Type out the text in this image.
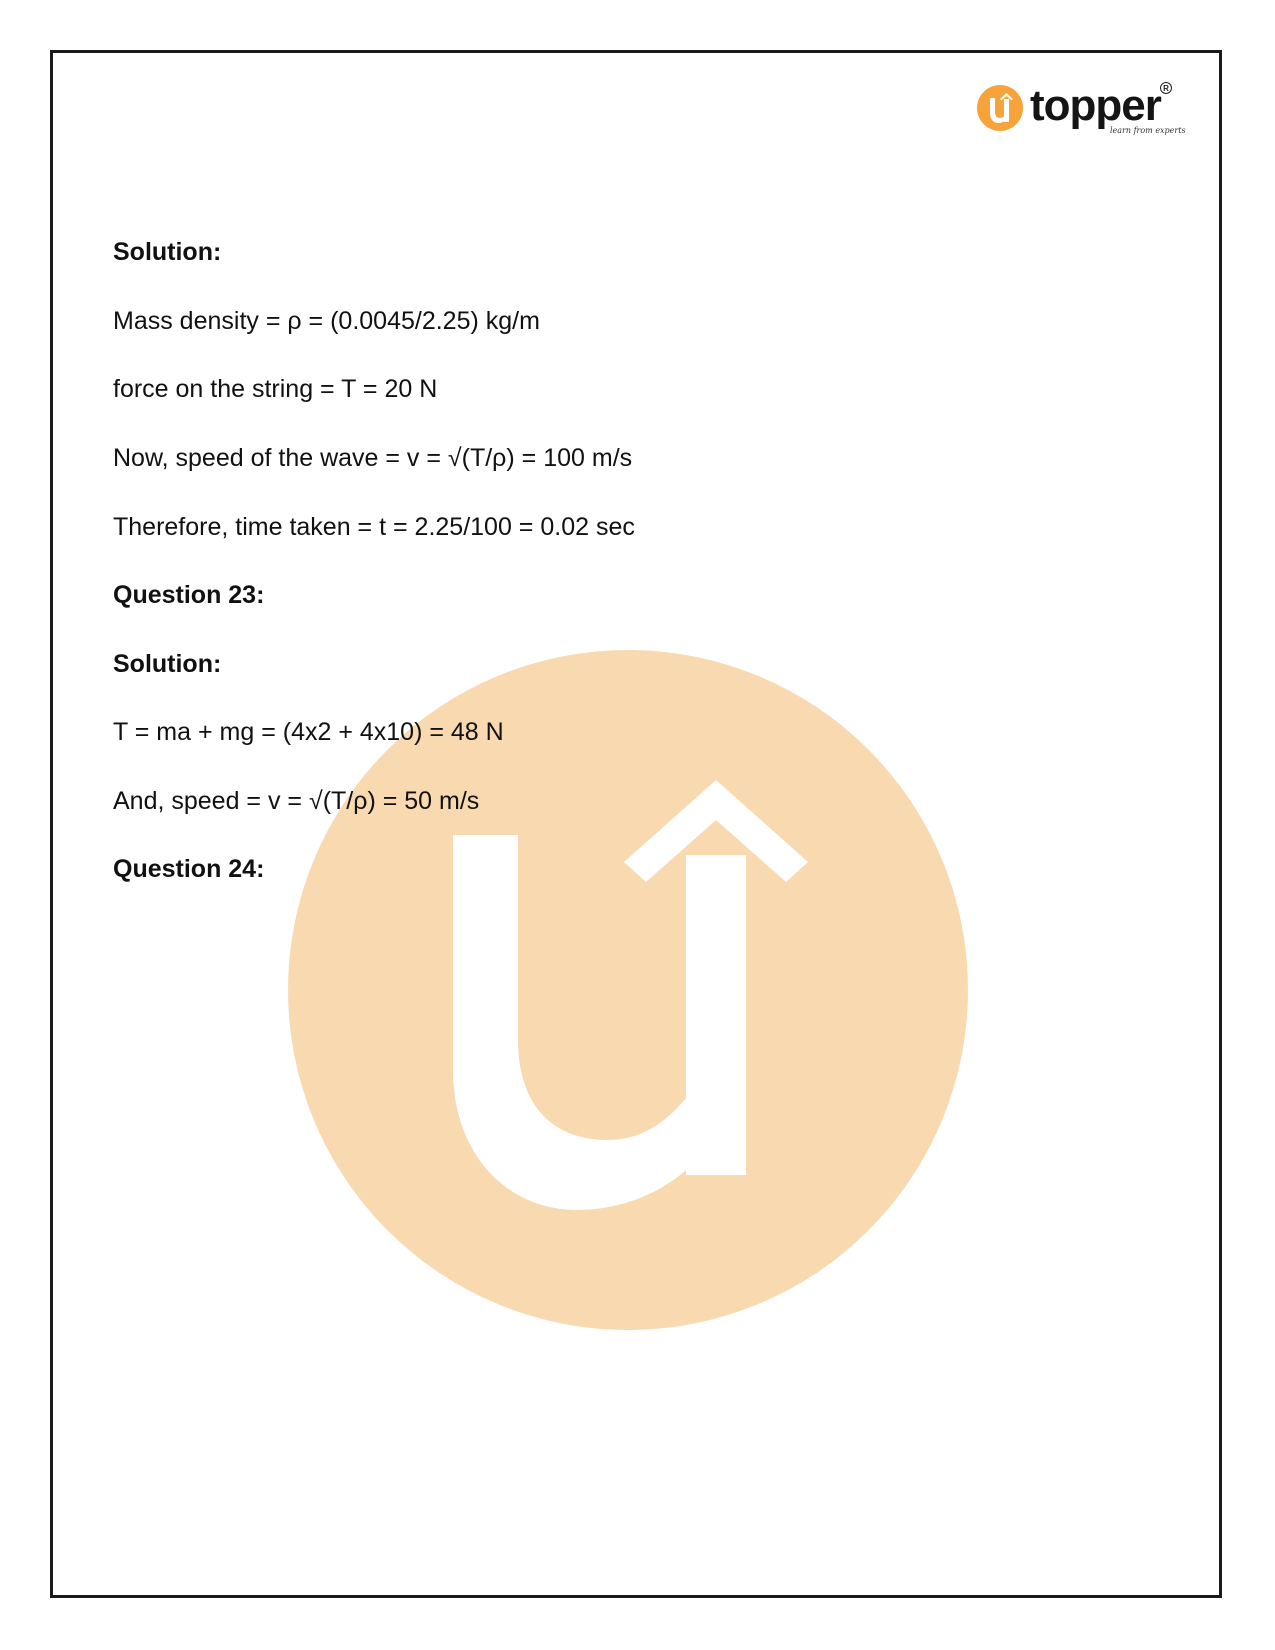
topper
learn from experts
R
Solution:
Mass density = ρ = (0.0045/2.25) kg/m
force on the string = T = 20 N
Now, speed of the wave = v = √(T/ρ) = 100 m/s
Therefore, time taken = t = 2.25/100 = 0.02 sec
Question 23:
Solution:
T = ma + mg = (4x2 + 4x10) = 48 N
And, speed = v = √(T/ρ) = 50 m/s
Question 24:
